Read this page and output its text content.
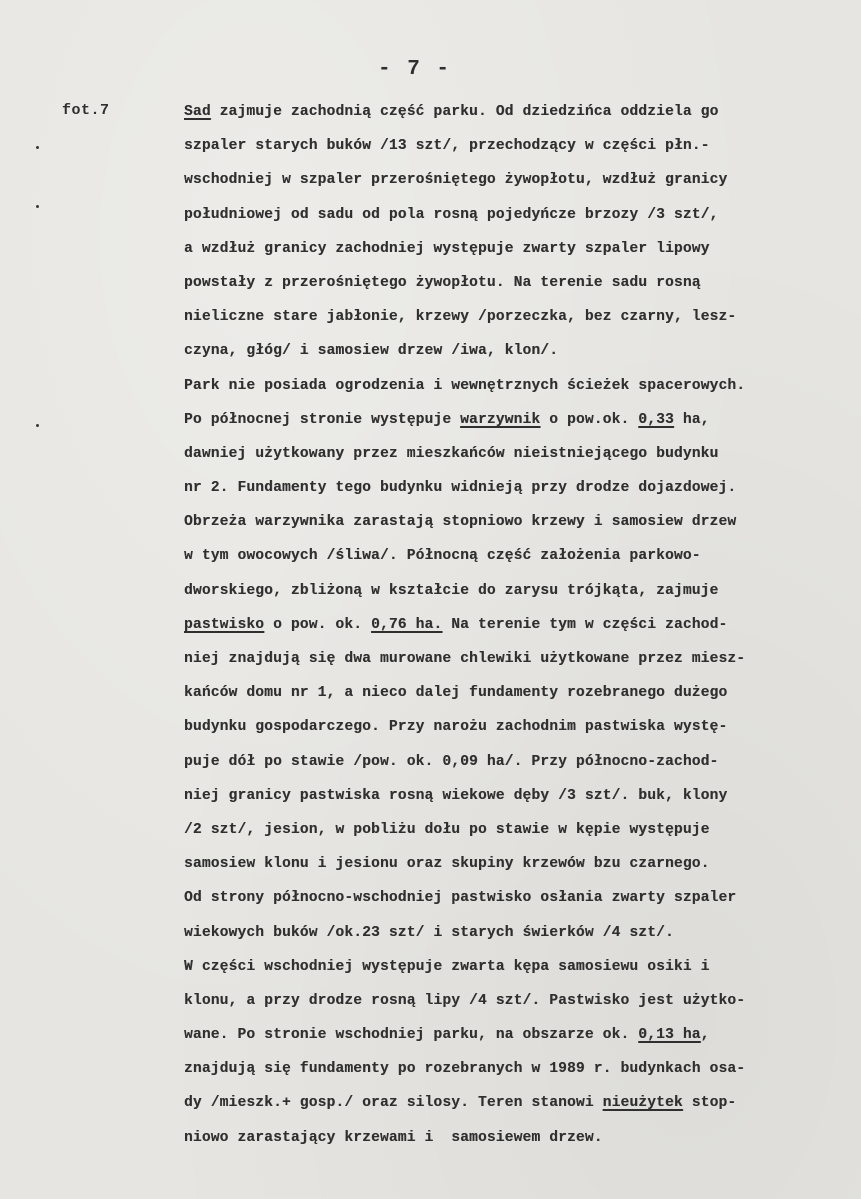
- 7 -
fot.7	Sad zajmuje zachodnią część parku. Od dziedzińca oddziela go
szpaler starych buków /13 szt/, przechodzący w części płn.-
wschodniej w szpaler przerośniętego żywopłotu, wzdłuż granicy
południowej od sadu od pola rosną pojedyńcze brzozy /3 szt/,
a wzdłuż granicy zachodniej występuje zwarty szpaler lipowy
powstały z przerośniętego żywopłotu. Na terenie sadu rosną
nieliczne stare jabłonie, krzewy /porzeczka, bez czarny, lesz-
czyna, głóg/ i samosiew drzew /iwa, klon/.
Park nie posiada ogrodzenia i wewnętrznych ścieżek spacerowych.
Po północnej stronie występuje warzywnik o pow.ok. 0,33 ha,
dawniej użytkowany przez mieszkańców nieistniejącego budynku
nr 2. Fundamenty tego budynku widnieją przy drodze dojazdowej.
Obrzeża warzywnika zarastają stopniowo krzewy i samosiew drzew
w tym owocowych /śliwa/. Północną część założenia parkowo-
dworskiego, zbliżoną w kształcie do zarysu trójkąta, zajmuje
pastwisko o pow. ok. 0,76 ha. Na terenie tym w części zachod-
niej znajdują się dwa murowane chlewiki użytkowane przez miesz-
kańców domu nr 1, a nieco dalej fundamenty rozebranego dużego
budynku gospodarczego. Przy narożu zachodnim pastwiska wystę-
puje dół po stawie /pow. ok. 0,09 ha/. Przy północno-zachod-
niej granicy pastwiska rosną wiekowe dęby /3 szt/. buk, klony
/2 szt/, jesion, w pobliżu dołu po stawie w kępie występuje
samosiew klonu i jesionu oraz skupiny krzewów bzu czarnego.
Od strony północno-wschodniej pastwisko osłania zwarty szpaler
wiekowych buków /ok.23 szt/ i starych świerków /4 szt/.
W części wschodniej występuje zwarta kępa samosiewu osiki i
klonu, a przy drodze rosną lipy /4 szt/. Pastwisko jest użytko-
wane. Po stronie wschodniej parku, na obszarze ok. 0,13 ha,
znajdują się fundamenty po rozebranych w 1989 r. budynkach osa-
dy /mieszk.+ gosp./ oraz silosy. Teren stanowi nieużytek stop-
niowo zarastający krzewami i  samosiewem drzew.
